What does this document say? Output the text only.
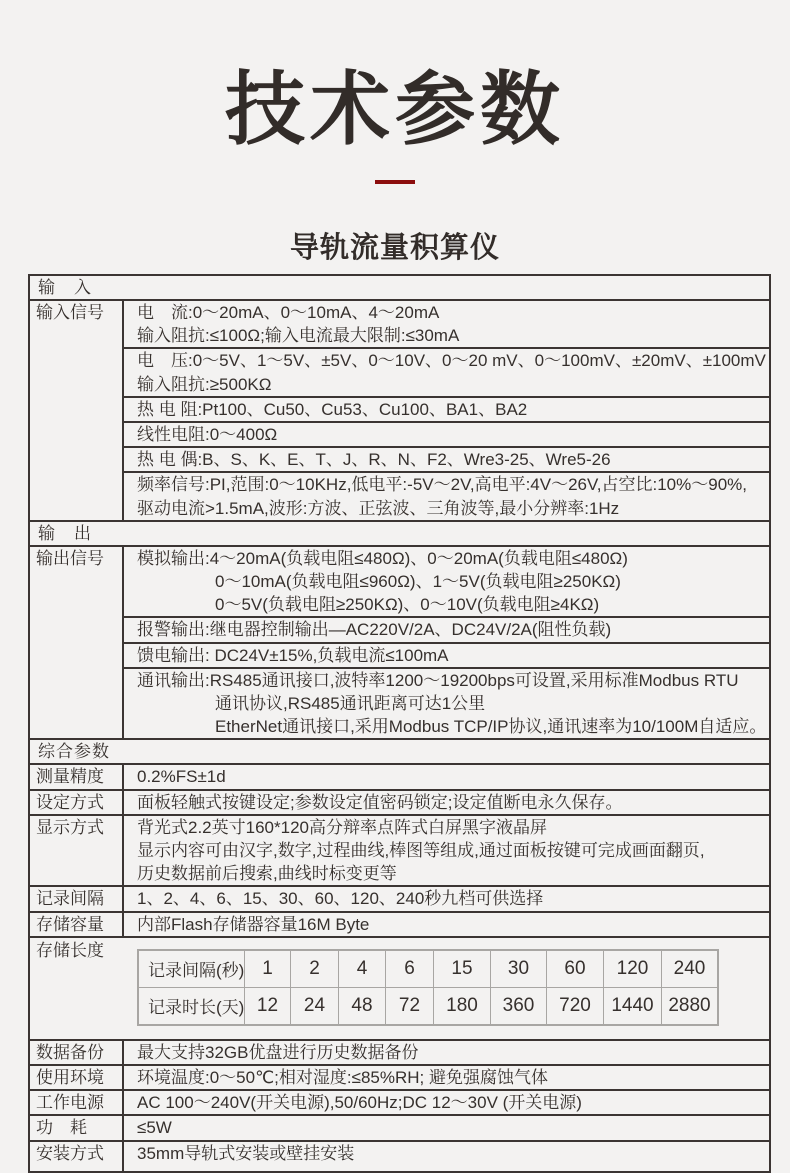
技术参数
导轨流量积算仪
输　入
输入信号	电　流:0～20mA、0～10mA、4～20mA
输入阻抗:≤100Ω;输入电流最大限制:≤30mA
电　压:0～5V、1～5V、±5V、0～10V、0～20 mV、0～100mV、±20mV、±100mV
输入阻抗:≥500KΩ
热 电 阻:Pt100、Cu50、Cu53、Cu100、BA1、BA2
线性电阻:0～400Ω
热 电 偶:B、S、K、E、T、J、R、N、F2、Wre3-25、Wre5-26
频率信号:PI,范围:0～10KHz,低电平:-5V～2V,高电平:4V～26V,占空比:10%～90%,
驱动电流>1.5mA,波形:方波、正弦波、三角波等,最小分辨率:1Hz
输　出
输出信号	模拟输出:4～20mA(负载电阻≤480Ω)、0～20mA(负载电阻≤480Ω)
0～10mA(负载电阻≤960Ω)、1～5V(负载电阻≥250KΩ)
0～5V(负载电阻≥250KΩ)、0～10V(负载电阻≥4KΩ)
报警输出:继电器控制输出—AC220V/2A、DC24V/2A(阻性负载)
馈电输出: DC24V±15%,负载电流≤100mA
通讯输出:RS485通讯接口,波特率1200～19200bps可设置,采用标准Modbus RTU
通讯协议,RS485通讯距离可达1公里
EtherNet通讯接口,采用Modbus TCP/IP协议,通讯速率为10/100M自适应。
综合参数
测量精度	0.2%FS±1d
设定方式	面板轻触式按键设定;参数设定值密码锁定;设定值断电永久保存。
显示方式	背光式2.2英寸160*120高分辩率点阵式白屏黑字液晶屏
显示内容可由汉字,数字,过程曲线,棒图等组成,通过面板按键可完成画面翻页,
历史数据前后搜索,曲线时标变更等
记录间隔	1、2、4、6、15、30、60、120、240秒九档可供选择
存储容量	内部Flash存储器容量16M Byte
存储长度
记录间隔(秒) 1	2	4	6	15	30	60	120	240
记录时长(天) 12	24	48	72	180	360	720	1440 2880
数据备份	最大支持32GB优盘进行历史数据备份
使用环境	环境温度:0～50℃;相对湿度:≤85%RH; 避免强腐蚀气体
工作电源	AC 100～240V(开关电源),50/60Hz;DC 12～30V (开关电源)
功　耗	≤5W
安装方式	35mm导轨式安装或壁挂安装
